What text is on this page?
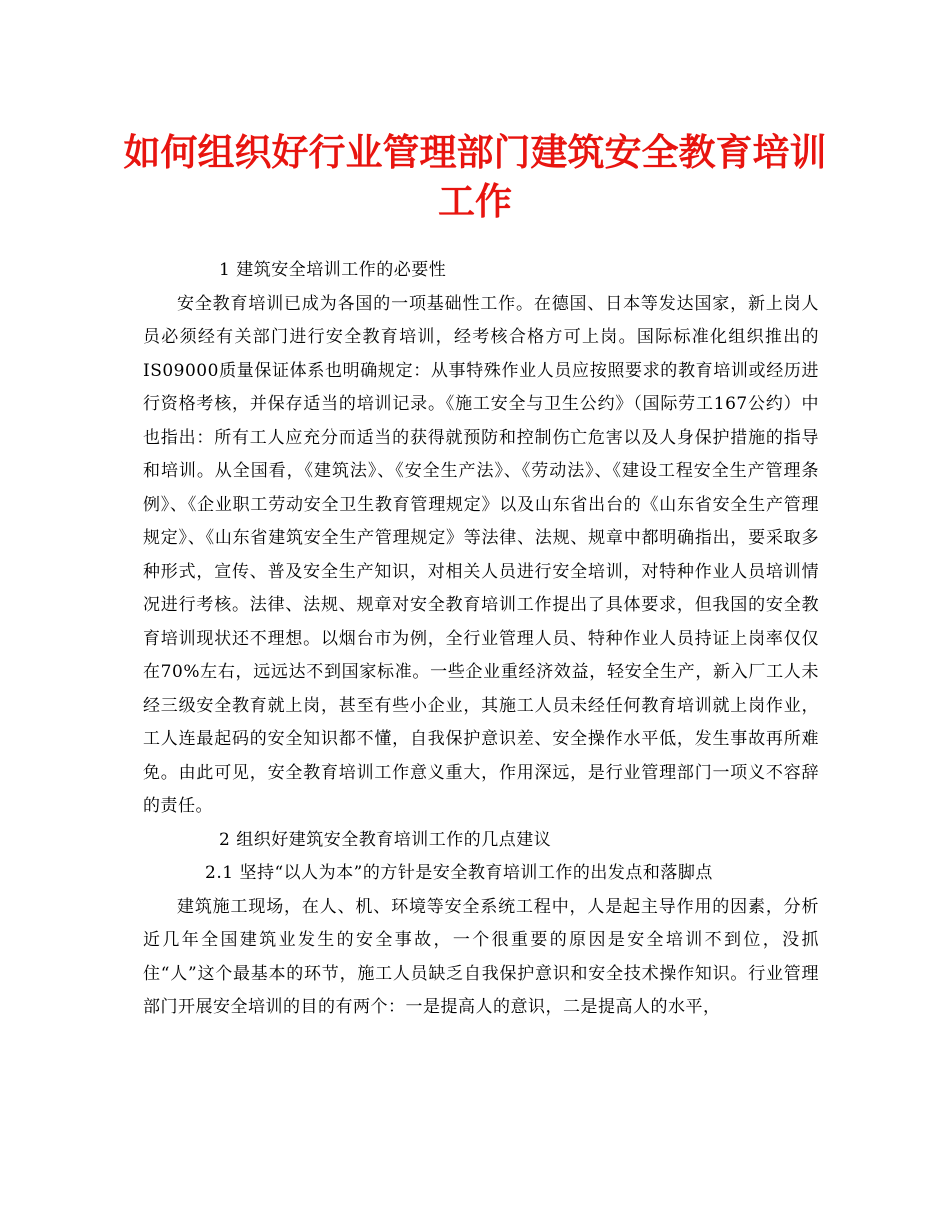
如何组织好行业管理部门建筑安全教育培训工作

1 建筑安全培训工作的必要性

安全教育培训已成为各国的一项基础性工作。在德国、日本等发达国家，新上岗人员必须经有关部门进行安全教育培训，经考核合格方可上岗。国际标准化组织推出的IS09000质量保证体系也明确规定：从事特殊作业人员应按照要求的教育培训或经历进行资格考核，并保存适当的培训记录。《施工安全与卫生公约》（国际劳工167公约）中也指出：所有工人应充分而适当的获得就预防和控制伤亡危害以及人身保护措施的指导和培训。从全国看，《建筑法》、《安全生产法》、《劳动法》、《建设工程安全生产管理条例》、《企业职工劳动安全卫生教育管理规定》以及山东省出台的《山东省安全生产管理规定》、《山东省建筑安全生产管理规定》等法律、法规、规章中都明确指出，要采取多种形式，宣传、普及安全生产知识，对相关人员进行安全培训，对特种作业人员培训情况进行考核。法律、法规、规章对安全教育培训工作提出了具体要求，但我国的安全教育培训现状还不理想。以烟台市为例，全行业管理人员、特种作业人员持证上岗率仅仅在70%左右，远远达不到国家标准。一些企业重经济效益，轻安全生产，新入厂工人未经三级安全教育就上岗，甚至有些小企业，其施工人员未经任何教育培训就上岗作业，工人连最起码的安全知识都不懂，自我保护意识差、安全操作水平低，发生事故再所难免。由此可见，安全教育培训工作意义重大，作用深远，是行业管理部门一项义不容辞的责任。

2 组织好建筑安全教育培训工作的几点建议

2.1 坚持“以人为本”的方针是安全教育培训工作的出发点和落脚点

建筑施工现场，在人、机、环境等安全系统工程中，人是起主导作用的因素，分析近几年全国建筑业发生的安全事故，一个很重要的原因是安全培训不到位，没抓住“人”这个最基本的环节，施工人员缺乏自我保护意识和安全技术操作知识。行业管理部门开展安全培训的目的有两个：一是提高人的意识，二是提高人的水平，
